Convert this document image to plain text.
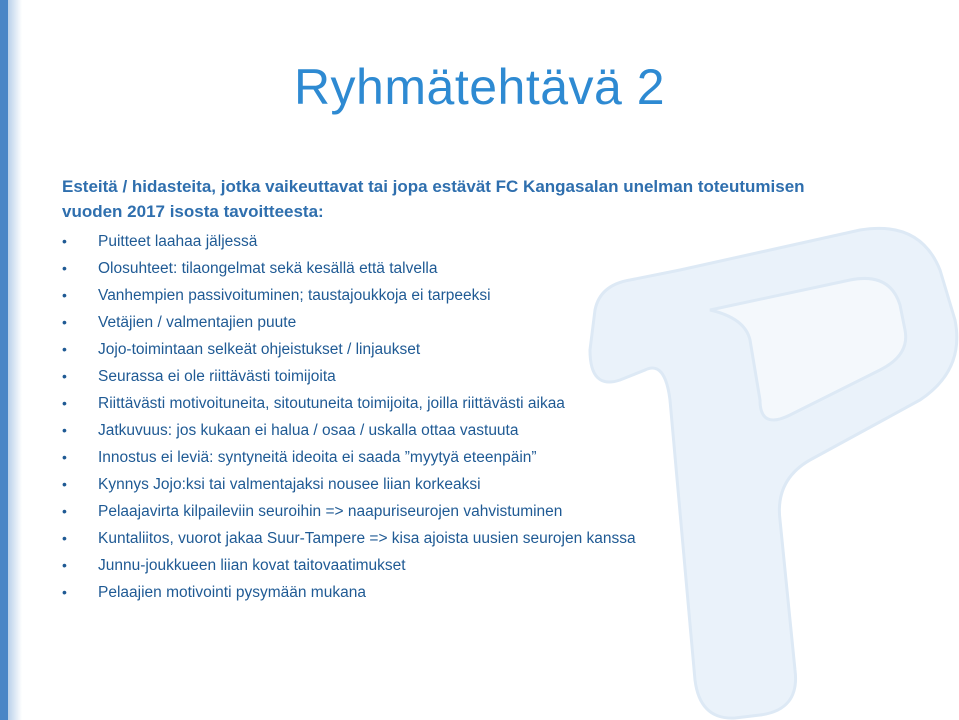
Ryhmätehtävä 2
Esteitä / hidasteita, jotka vaikeuttavat tai jopa estävät FC Kangasalan unelman toteutumisen
vuoden 2017 isosta tavoitteesta:
•	Puitteet laahaa jäljessä
•	Olosuhteet: tilaongelmat sekä kesällä että talvella
•	Vanhempien passivoituminen; taustajoukkoja ei tarpeeksi
•	Vetäjien / valmentajien puute
•	Jojo-toimintaan selkeät ohjeistukset / linjaukset
•	Seurassa ei ole riittävästi toimijoita
•	Riittävästi motivoituneita, sitoutuneita toimijoita, joilla riittävästi aikaa
•	Jatkuvuus: jos kukaan ei halua / osaa / uskalla ottaa vastuuta
•	Innostus ei leviä: syntyneitä ideoita ei saada ”myytyä eteenpäin”
•	Kynnys Jojo:ksi tai valmentajaksi nousee liian korkeaksi
•	Pelaajavirta kilpaileviin seuroihin => naapuriseurojen vahvistuminen
•	Kuntaliitos, vuorot jakaa Suur-Tampere => kisa ajoista uusien seurojen kanssa
•	Junnu-joukkueen liian kovat taitovaatimukset
•	Pelaajien motivointi pysymään mukana
